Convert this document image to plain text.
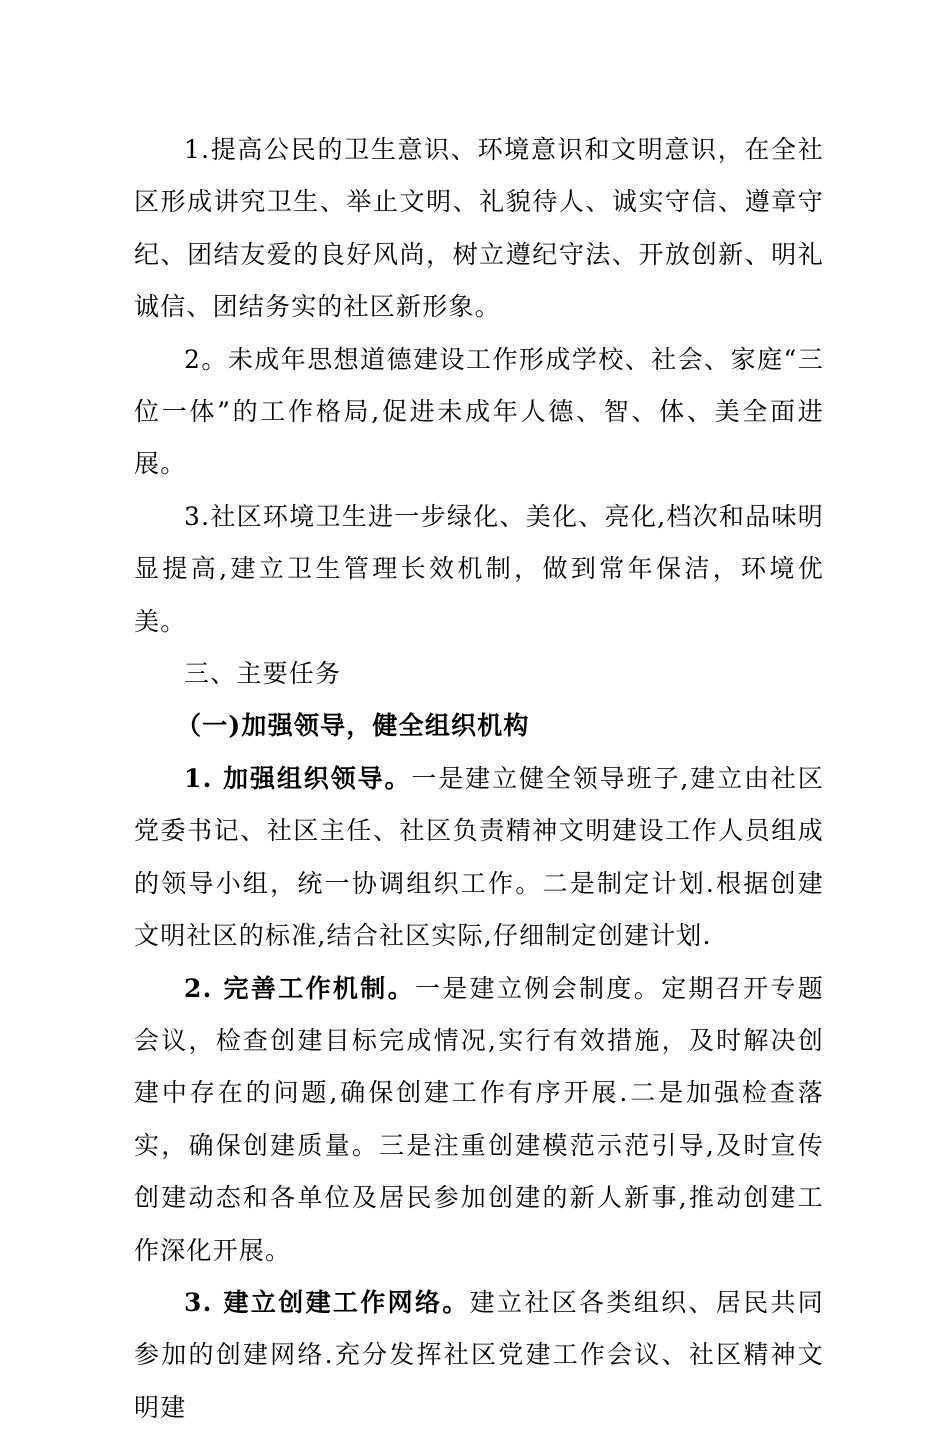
1.提高公民的卫生意识、环境意识和文明意识，在全社区形成讲究卫生、举止文明、礼貌待人、诚实守信、遵章守纪、团结友爱的良好风尚，树立遵纪守法、开放创新、明礼诚信、团结务实的社区新形象。

2。未成年思想道德建设工作形成学校、社会、家庭“三位一体”的工作格局,促进未成年人德、智、体、美全面进展。

3.社区环境卫生进一步绿化、美化、亮化,档次和品味明显提高,建立卫生管理长效机制，做到常年保洁，环境优美。

三、主要任务

（一)加强领导，健全组织机构

1. 加强组织领导。一是建立健全领导班子,建立由社区党委书记、社区主任、社区负责精神文明建设工作人员组成的领导小组，统一协调组织工作。二是制定计划.根据创建文明社区的标准,结合社区实际,仔细制定创建计划.

2. 完善工作机制。一是建立例会制度。定期召开专题会议，检查创建目标完成情况,实行有效措施，及时解决创建中存在的问题,确保创建工作有序开展.二是加强检查落实，确保创建质量。三是注重创建模范示范引导,及时宣传创建动态和各单位及居民参加创建的新人新事,推动创建工作深化开展。

3. 建立创建工作网络。建立社区各类组织、居民共同参加的创建网络.充分发挥社区党建工作会议、社区精神文明建
